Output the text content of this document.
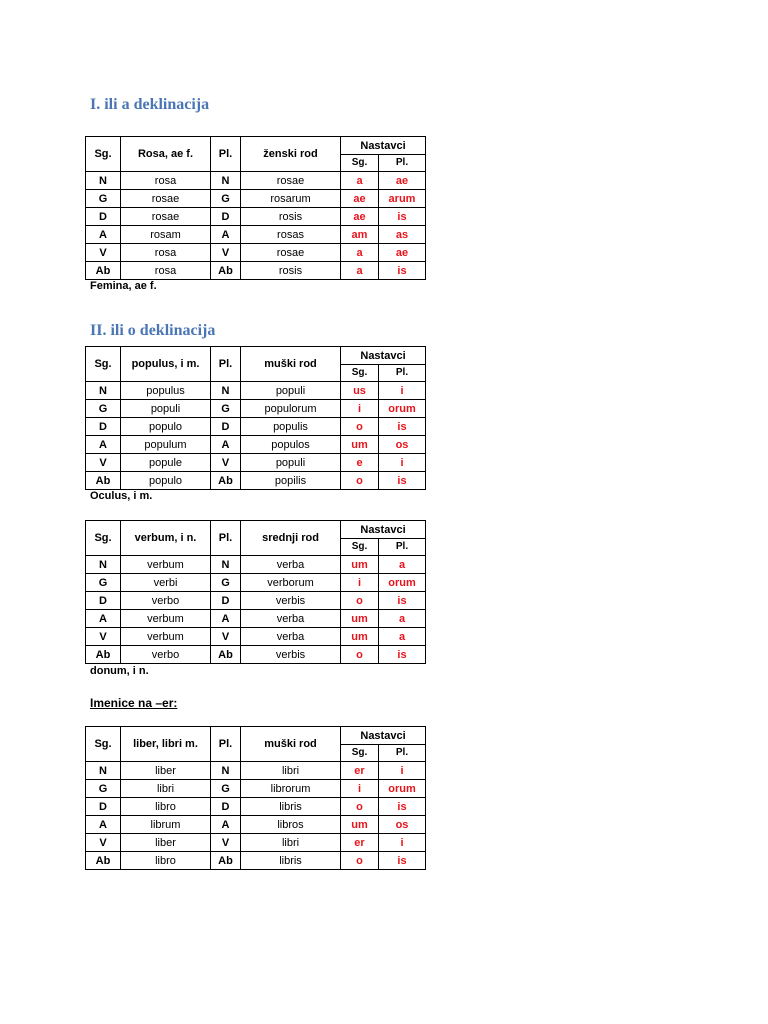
I. ili a deklinacija
Sg.	Rosa, ae f.	Pl.	ženski rod	Nastavci	
				Sg.	Pl.
N	rosa	N	rosae	a	ae
G	rosae	G	rosarum	ae	arum
D	rosae	D	rosis	ae	is
A	rosam	A	rosas	am	as
V	rosa	V	rosae	a	ae
Ab	rosa	Ab	rosis	a	is
Femina, ae f.
II. ili o deklinacija
Sg.	populus, i m.	Pl.	muški rod	Nastavci	
				Sg.	Pl.
N	populus	N	populi	us	i
G	populi	G	populorum	i	orum
D	populo	D	populis	o	is
A	populum	A	populos	um	os
V	popule	V	populi	e	i
Ab	populo	Ab	popilis	o	is
Oculus, i m.
Sg.	verbum, i n.	Pl.	srednji rod	Nastavci	
				Sg.	Pl.
N	verbum	N	verba	um	a
G	verbi	G	verborum	i	orum
D	verbo	D	verbis	o	is
A	verbum	A	verba	um	a
V	verbum	V	verba	um	a
Ab	verbo	Ab	verbis	o	is
donum, i n.
Imenice na –er:
Sg.	liber, libri m.	Pl.	muški rod	Nastavci	
				Sg.	Pl.
N	liber	N	libri	er	i
G	libri	G	librorum	i	orum
D	libro	D	libris	o	is
A	librum	A	libros	um	os
V	liber	V	libri	er	i
Ab	libro	Ab	libris	o	is
